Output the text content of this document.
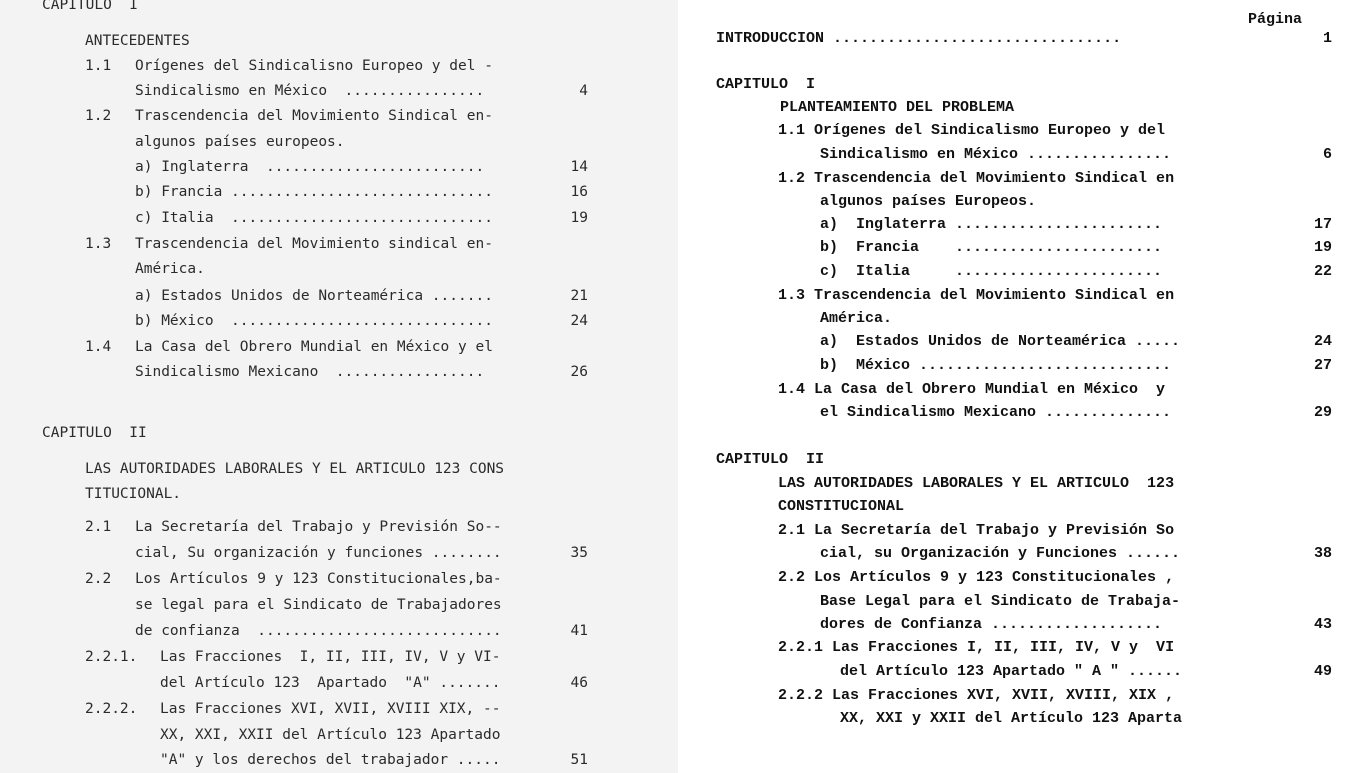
CAPITULO  I
ANTECEDENTES
1.1 Orígenes del Sindicalisno Europeo y del -
Sindicalismo en México  ................	4
1.2 Trascendencia del Movimiento Sindical en-
algunos países europeos.
a) Inglaterra  .........................	14
b) Francia ..............................	16
c) Italia  ..............................	19
1.3 Trascendencia del Movimiento sindical en-
América.
a) Estados Unidos de Norteamérica .......	21
b) México  ..............................	24
1.4 La Casa del Obrero Mundial en México y el
Sindicalismo Mexicano  .................	26
CAPITULO  II
LAS AUTORIDADES LABORALES Y EL ARTICULO 123 CONS
TITUCIONAL.
2.1 La Secretaría del Trabajo y Previsión So--
cial, Su organización y funciones ........	35
2.2 Los Artículos 9 y 123 Constitucionales,ba-
se legal para el Sindicato de Trabajadores
de confianza  ............................	41
2.2.1. Las Fracciones  I, II, III, IV, V y VI-
del Artículo 123  Apartado  "A" .......	46
2.2.2. Las Fracciones XVI, XVII, XVIII XIX, --
XX, XXI, XXII del Artículo 123 Apartado
"A" y los derechos del trabajador .....	51
Página
INTRODUCCION ................................	1
CAPITULO  I
PLANTEAMIENTO DEL PROBLEMA
1.1 Orígenes del Sindicalismo Europeo y del
Sindicalismo en México ................	6
1.2 Trascendencia del Movimiento Sindical en
algunos países Europeos.
a)  Inglaterra .......................	17
b)  Francia    .......................	19
c)  Italia     .......................	22
1.3 Trascendencia del Movimiento Sindical en
América.
a)  Estados Unidos de Norteamérica .....	24
b)  México ............................	27
1.4 La Casa del Obrero Mundial en México  y
el Sindicalismo Mexicano ..............	29
CAPITULO  II
LAS AUTORIDADES LABORALES Y EL ARTICULO  123
CONSTITUCIONAL
2.1 La Secretaría del Trabajo y Previsión So
cial, su Organización y Funciones ......	38
2.2 Los Artículos 9 y 123 Constitucionales ,
Base Legal para el Sindicato de Trabaja-
dores de Confianza ...................	43
2.2.1 Las Fracciones I, II, III, IV, V y  VI
del Artículo 123 Apartado " A " ......	49
2.2.2 Las Fracciones XVI, XVII, XVIII, XIX ,
XX, XXI y XXII del Artículo 123 Aparta
